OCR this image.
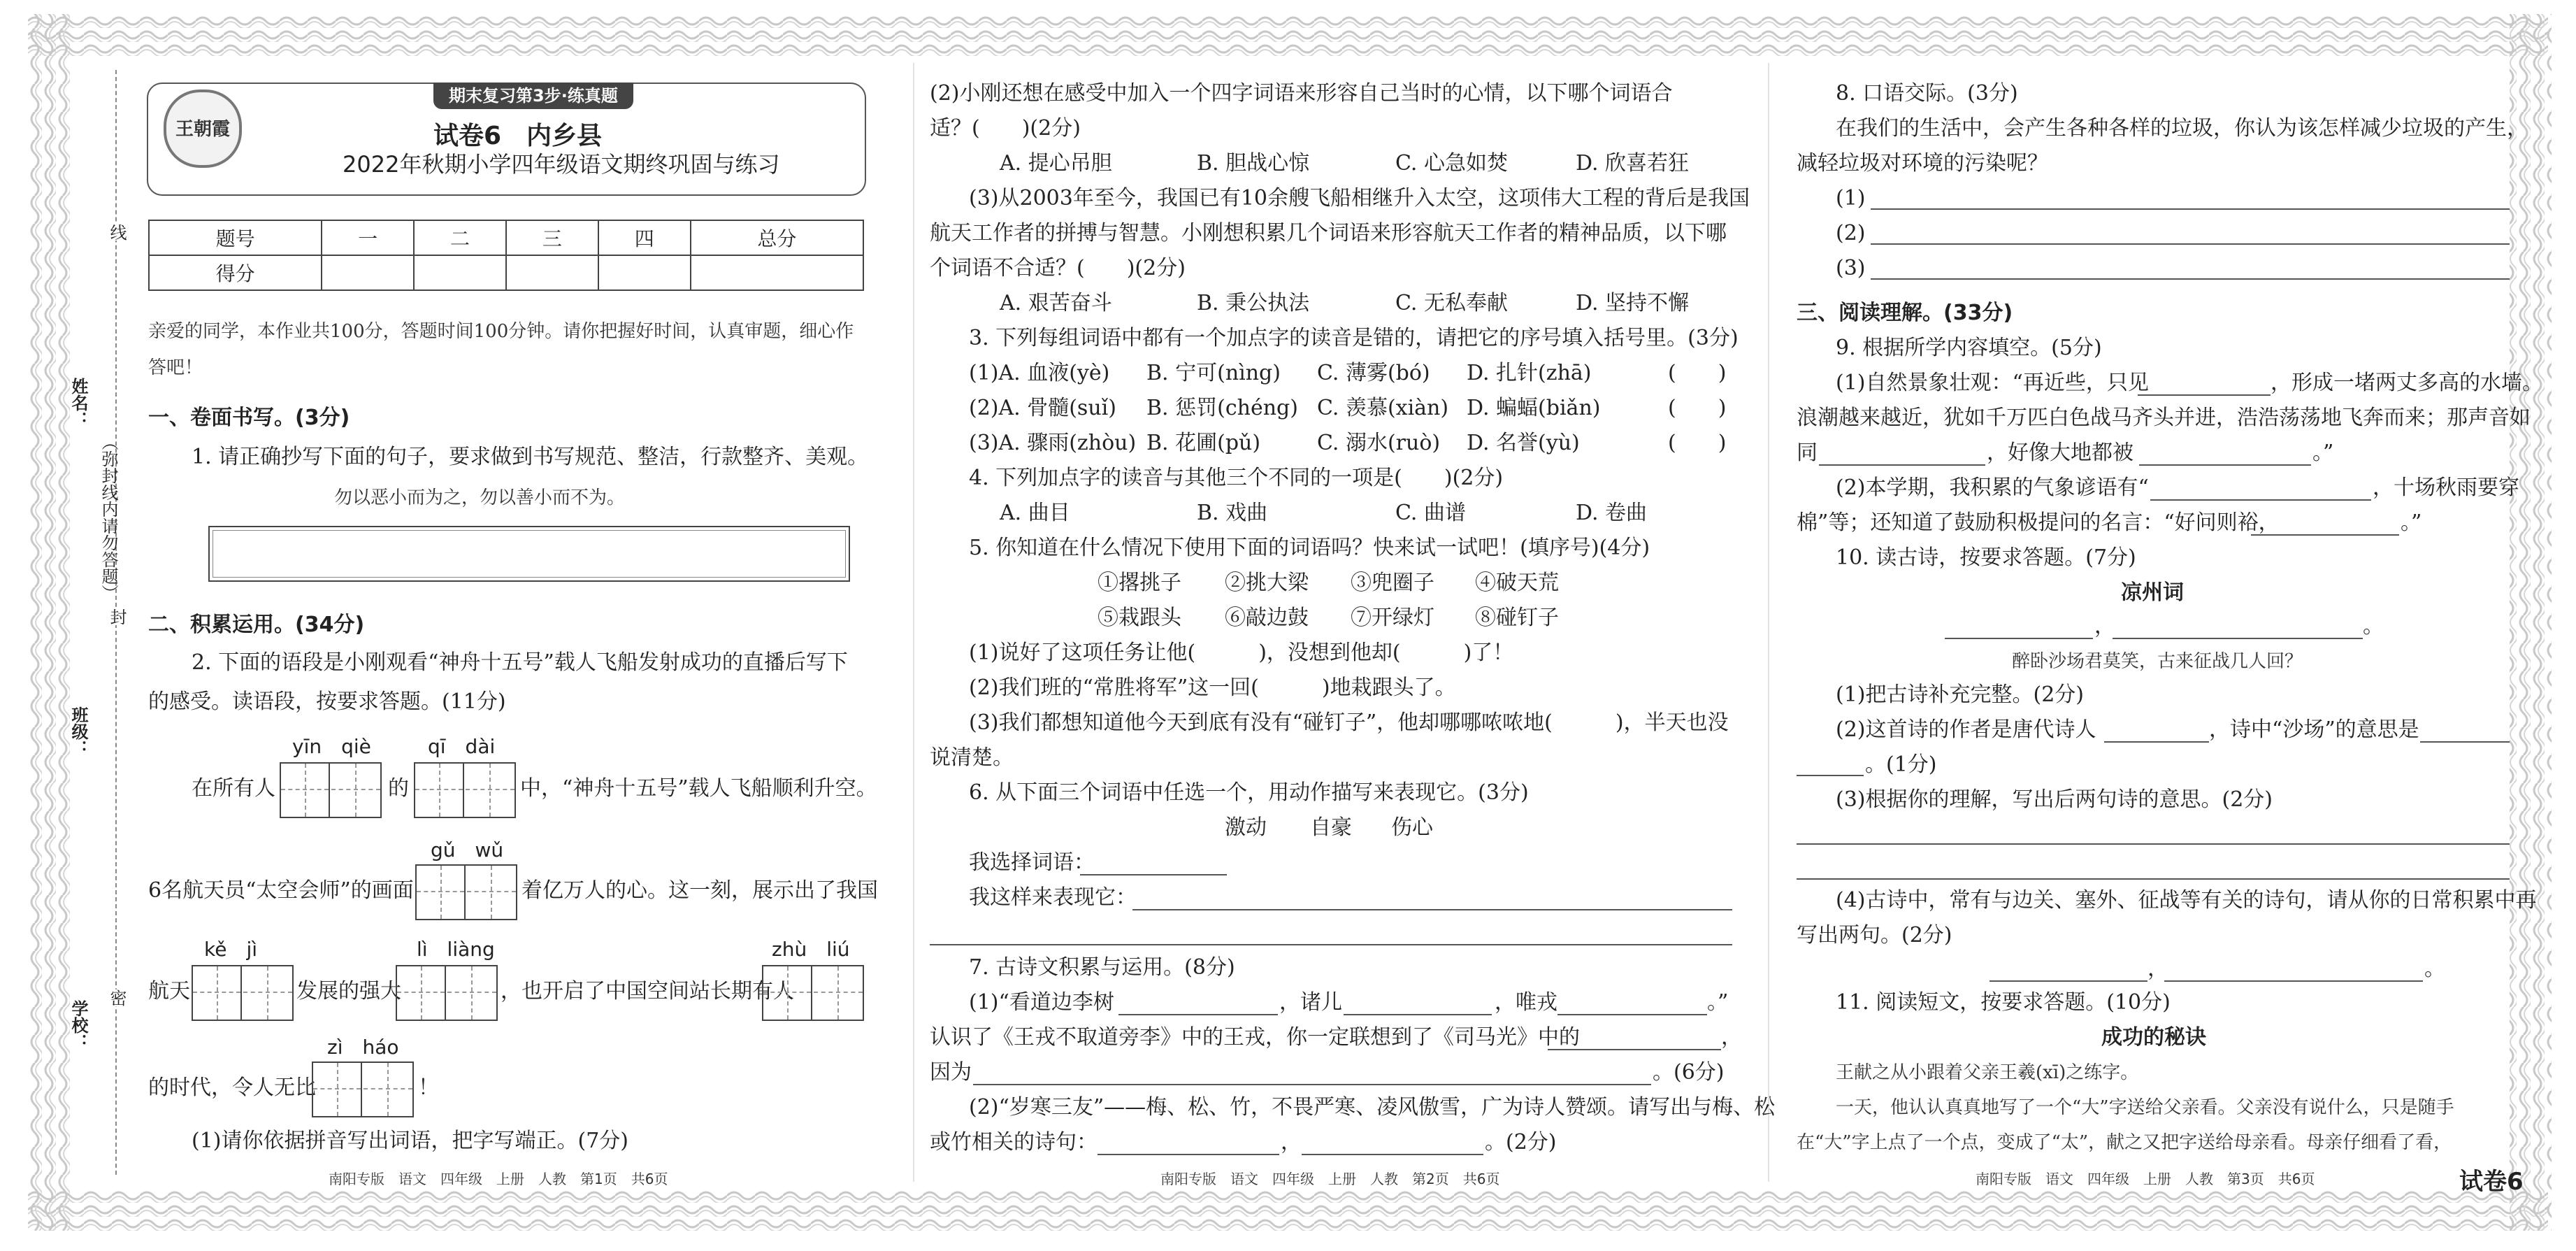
姓名：
班级：
学校：
（弥封线内请勿答题）
线
封
密
期末复习第3步·练真题
王朝霞	试卷6　内乡县
2022年秋期小学四年级语文期终巩固与练习
题号	一	二	三	四	总分
得分					
亲爱的同学，本作业共100分，答题时间100分钟。请你把握好时间，认真审题，细心作
答吧！
一、卷面书写。(3分)
1. 请正确抄写下面的句子，要求做到书写规范、整洁，行款整齐、美观。
勿以恶小而为之，勿以善小而不为。
二、积累运用。(34分)
2. 下面的语段是小刚观看“神舟十五号”载人飞船发射成功的直播后写下
的感受。读语段，按要求答题。(11分)
yīn　qiè	qī　dài
在所有人	的	中，“神舟十五号”载人飞船顺利升空。
gǔ　wǔ
6名航天员“太空会师”的画面	着亿万人的心。这一刻，展示出了我国
kě　jì	lì　liàng	zhù　liú
航天	发展的强大	，也开启了中国空间站长期有人
zì　háo
的时代，令人无比	！
(1)请你依据拼音写出词语，把字写端正。(7分)
南阳专版　语文　四年级　上册　人教　第1页　共6页
(2)小刚还想在感受中加入一个四字词语来形容自己当时的心情，以下哪个词语合
适？(　　)(2分)
A. 提心吊胆	B. 胆战心惊	C. 心急如焚	D. 欣喜若狂
(3)从2003年至今，我国已有10余艘飞船相继升入太空，这项伟大工程的背后是我国
航天工作者的拼搏与智慧。小刚想积累几个词语来形容航天工作者的精神品质，以下哪
个词语不合适？(　　)(2分)
A. 艰苦奋斗	B. 秉公执法	C. 无私奉献	D. 坚持不懈
3. 下列每组词语中都有一个加点字的读音是错的，请把它的序号填入括号里。(3分)
(1)A. 血液(yè) B. 宁可(nìng) C. 薄雾(bó) D. 扎针(zhā)	(　　)
(2)A. 骨髓(suǐ) B. 惩罚(chéng) C. 羡慕(xiàn) D. 蝙蝠(biǎn)	(　　)
(3)A. 骤雨(zhòu) B. 花圃(pǔ)	C. 溺水(ruò) D. 名誉(yù)	(　　)
4. 下列加点字的读音与其他三个不同的一项是(　　)(2分)
A. 曲目	B. 戏曲	C. 曲谱	D. 卷曲
5. 你知道在什么情况下使用下面的词语吗？快来试一试吧！(填序号)(4分)
①撂挑子 ②挑大梁 ③兜圈子 ④破天荒
⑤栽跟头 ⑥敲边鼓 ⑦开绿灯 ⑧碰钉子
(1)说好了这项任务让他(　　　)，没想到他却(　　　)了！
(2)我们班的“常胜将军”这一回(　　　)地栽跟头了。
(3)我们都想知道他今天到底有没有“碰钉子”，他却哪哪哝哝地(　　　)，半天也没
说清楚。
6. 从下面三个词语中任选一个，用动作描写来表现它。(3分)
激动 自豪 伤心
我选择词语：
我这样来表现它：
7. 古诗文积累与运用。(8分)
(1)“看道边李树	，诸儿	，唯戎	。”
认识了《王戎不取道旁李》中的王戎，你一定联想到了《司马光》中的	，
因为	。(6分)
(2)“岁寒三友”——梅、松、竹，不畏严寒、凌风傲雪，广为诗人赞颂。请写出与梅、松
或竹相关的诗句：	，	。(2分)
南阳专版　语文　四年级　上册　人教　第2页　共6页
8. 口语交际。(3分)
在我们的生活中，会产生各种各样的垃圾，你认为该怎样减少垃圾的产生，
减轻垃圾对环境的污染呢？
(1)
(2)
(3)
三、阅读理解。(33分)
9. 根据所学内容填空。(5分)
(1)自然景象壮观：“再近些，只见	，形成一堵两丈多高的水墙。
浪潮越来越近，犹如千万匹白色战马齐头并进，浩浩荡荡地飞奔而来；那声音如
同	，好像大地都被	。”
(2)本学期，我积累的气象谚语有“	，十场秋雨要穿
棉”等；还知道了鼓励积极提问的名言：“好问则裕，	。”
10. 读古诗，按要求答题。(7分)
凉州词
，	。
醉卧沙场君莫笑，古来征战几人回？
(1)把古诗补充完整。(2分)
(2)这首诗的作者是唐代诗人	，诗中“沙场”的意思是
。(1分)
(3)根据你的理解，写出后两句诗的意思。(2分)
(4)古诗中，常有与边关、塞外、征战等有关的诗句，请从你的日常积累中再
写出两句。(2分)
，	。
11. 阅读短文，按要求答题。(10分)
成功的秘诀
王献之从小跟着父亲王羲(xī)之练字。
一天，他认认真真地写了一个“大”字送给父亲看。父亲没有说什么，只是随手
在“大”字上点了一个点，变成了“太”，献之又把字送给母亲看。母亲仔细看了看，
南阳专版　语文　四年级　上册　人教　第3页　共6页	试卷6
